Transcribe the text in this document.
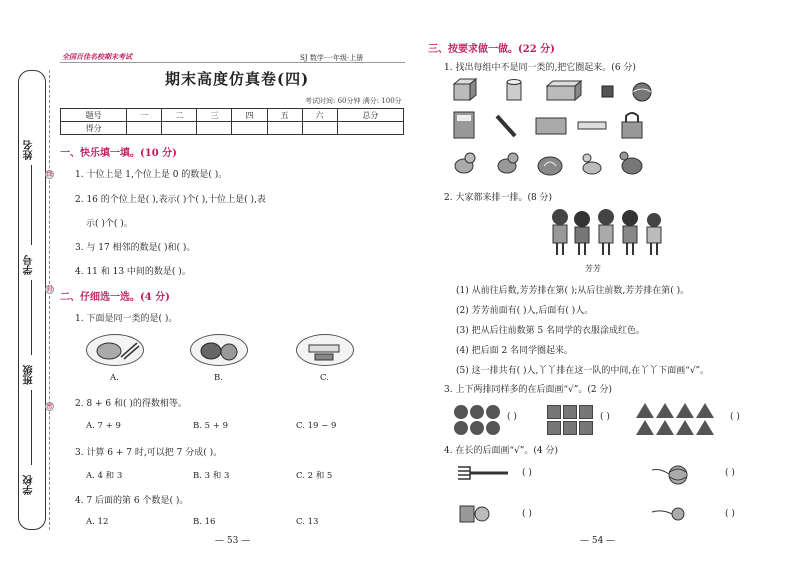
姓名
学号
班级
学校
线
封
密
全国百佳名校期末考试	SJ 数学·一年级·上册
期末高度仿真卷(四)
考试时间: 60分钟 满分: 100分
题号	一	二	三	四	五	六	总分
得分							
一、快乐填一填。(10 分)
1. 十位上是 1,个位上是 0 的数是( )。
2. 16 的个位上是( ),表示( )个( ),十位上是( ),表
示( )个( )。
3. 与 17 相邻的数是( )和( )。
4. 11 和 13 中间的数是( )。
二、仔细选一选。(4 分)
1. 下面是同一类的是( )。
A.	B.	C.
2. 8 + 6 和( )的得数相等。
A. 7 + 9	B. 5 + 9	C. 19 − 9
3. 计算 6 + 7 时,可以把 7 分成( )。
A. 4 和 3	B. 3 和 3	C. 2 和 5
4. 7 后面的第 6 个数是( )。
A. 12	B. 16	C. 13
— 53 —
三、按要求做一做。(22 分)
1. 找出每组中不是同一类的,把它圈起来。(6 分)
2. 大家都来排一排。(8 分)
芳芳
(1) 从前往后数,芳芳排在第( );从后往前数,芳芳排在第( )。
(2) 芳芳前面有( )人,后面有( )人。
(3) 把从后往前数第 5 名同学的衣服涂成红色。
(4) 把后面 2 名同学圈起来。
(5) 这一排共有( )人,丫丫排在这一队的中间,在丫丫下面画“√”。
3. 上下两排同样多的在后面画“√”。(2 分)
( )	( )	( )
4. 在长的后面画“√”。(4 分)
( )	( )
( )	( )
— 54 —
